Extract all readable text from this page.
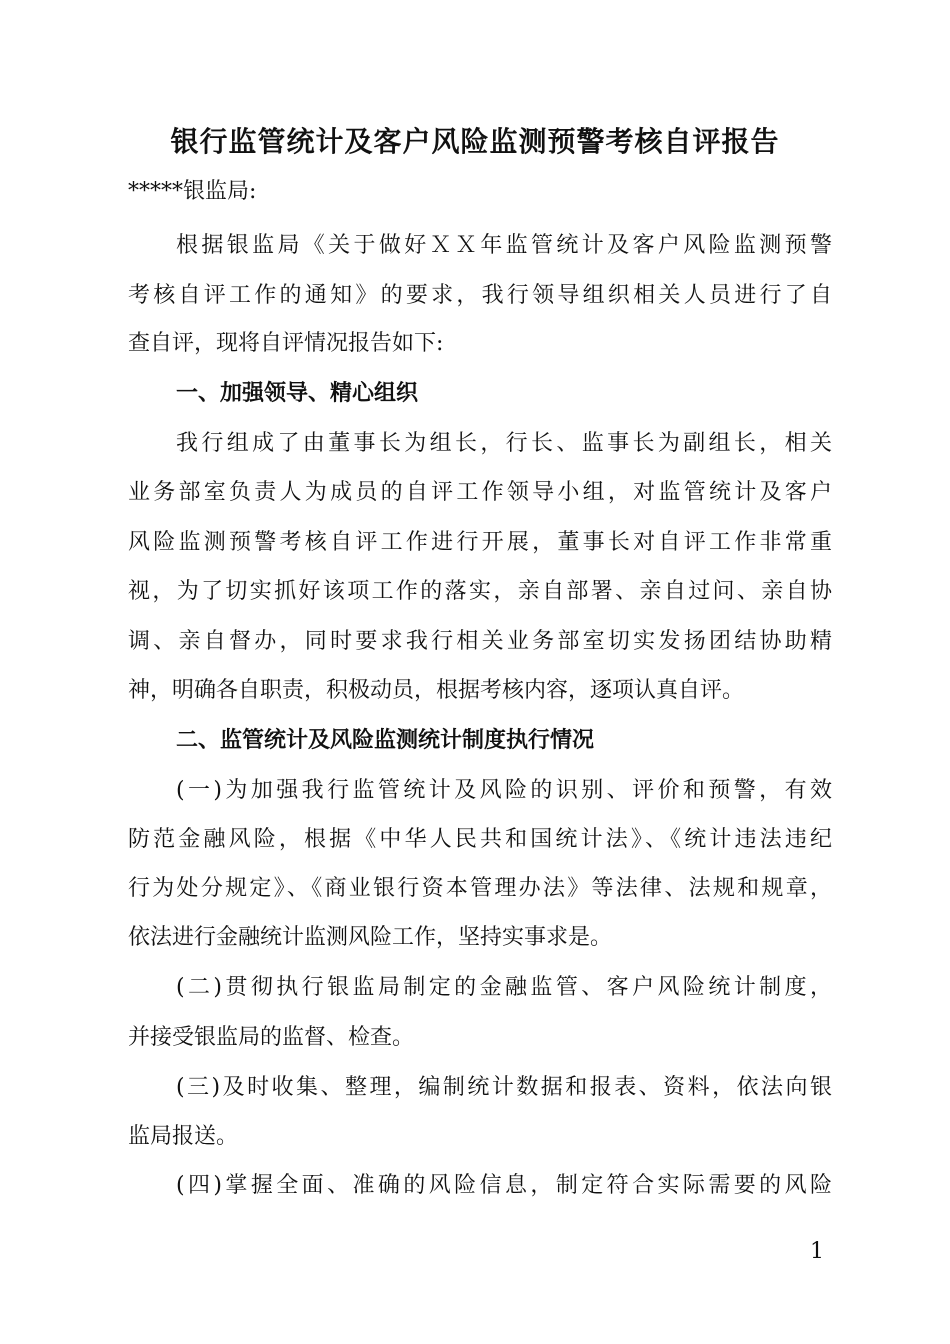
银行监管统计及客户风险监测预警考核自评报告
*****银监局:
根据银监局《关于做好ＸＸ年监管统计及客户风险监测预警
考核自评工作的通知》的要求，我行领导组织相关人员进行了自
查自评，现将自评情况报告如下:
一、加强领导、精心组织
我行组成了由董事长为组长，行长、监事长为副组长，相关
业务部室负责人为成员的自评工作领导小组，对监管统计及客户
风险监测预警考核自评工作进行开展，董事长对自评工作非常重
视，为了切实抓好该项工作的落实，亲自部署、亲自过问、亲自协
调、亲自督办，同时要求我行相关业务部室切实发扬团结协助精
神，明确各自职责，积极动员，根据考核内容，逐项认真自评。
二、监管统计及风险监测统计制度执行情况
(一)为加强我行监管统计及风险的识别、评价和预警，有效
防范金融风险，根据《中华人民共和国统计法》、《统计违法违纪
行为处分规定》、《商业银行资本管理办法》等法律、法规和规章，
依法进行金融统计监测风险工作，坚持实事求是。
(二)贯彻执行银监局制定的金融监管、客户风险统计制度，
并接受银监局的监督、检查。
(三)及时收集、整理，编制统计数据和报表、资料，依法向银
监局报送。
(四)掌握全面、准确的风险信息，制定符合实际需要的风险
1
